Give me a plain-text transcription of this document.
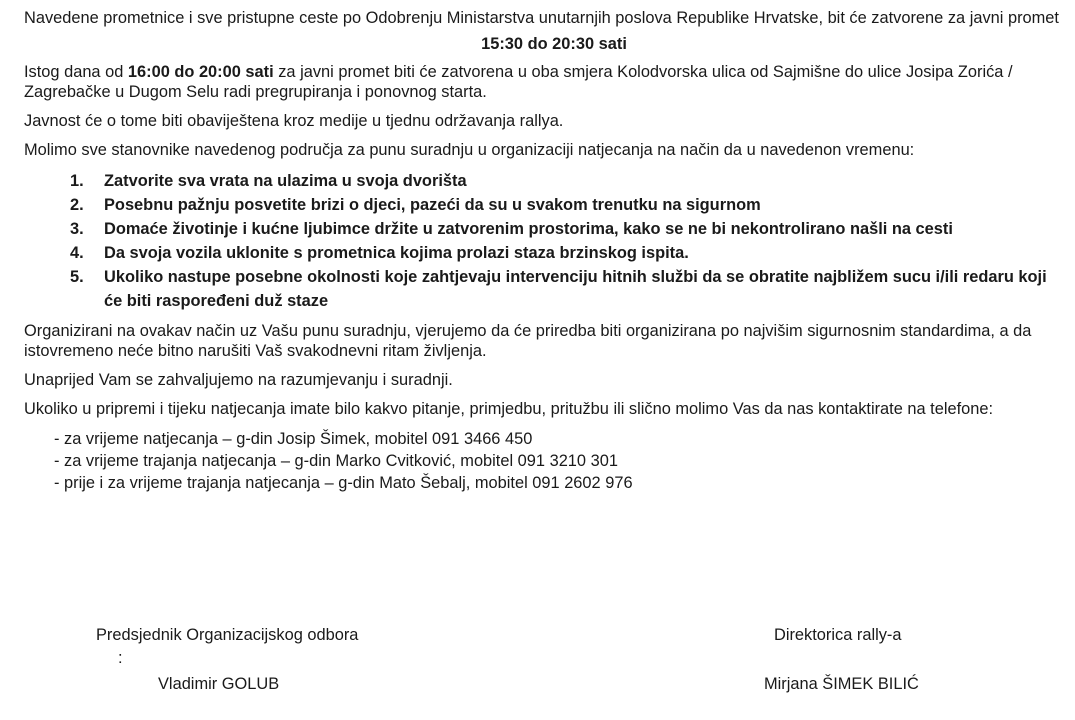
Navedene prometnice i sve pristupne ceste po Odobrenju Ministarstva unutarnjih poslova Republike Hrvatske, bit će zatvorene za javni promet

15:30 do 20:30 sati

Istog dana od 16:00 do 20:00 sati za javni promet biti će zatvorena u oba smjera Kolodvorska ulica od Sajmišne do ulice Josipa Zorića / Zagrebačke u Dugom Selu radi pregrupiranja i ponovnog starta.

Javnost će o tome biti obaviještena kroz medije u tjednu održavanja rallya.

Molimo sve stanovnike navedenog područja za punu suradnju u organizaciji natjecanja na način da u navedenon vremenu:

1. Zatvorite sva vrata na ulazima u svoja dvorišta
2. Posebnu pažnju posvetite brizi o djeci, pazeći da su u svakom trenutku na sigurnom
3. Domaće životinje i kućne ljubimce držite u zatvorenim prostorima, kako se ne bi nekontrolirano našli na cesti
4. Da svoja vozila uklonite s prometnica kojima prolazi staza brzinskog ispita.
5. Ukoliko nastupe posebne okolnosti koje zahtjevaju intervenciju hitnih službi da se obratite najbližem sucu i/ili redaru koji će biti raspoređeni duž staze

Organizirani na ovakav način uz Vašu punu suradnju, vjerujemo da će priredba biti organizirana po najvišim sigurnosnim standardima, a da istovremeno neće bitno narušiti Vaš svakodnevni ritam življenja.

Unaprijed Vam se zahvaljujemo na razumjevanju i suradnji.

Ukoliko u pripremi i tijeku natjecanja imate bilo kakvo pitanje, primjedbu, pritužbu ili slično molimo Vas da nas kontaktirate na telefone:

- za vrijeme natjecanja – g-din Josip Šimek, mobitel 091 3466 450
- za vrijeme trajanja natjecanja – g-din Marko Cvitković, mobitel 091 3210 301
- prije i za vrijeme trajanja natjecanja – g-din Mato Šebalj, mobitel 091 2602 976
Predsjednik Organizacijskog odbora
:
Vladimir GOLUB
Direktorica rally-a
Mirjana ŠIMEK BILIĆ
